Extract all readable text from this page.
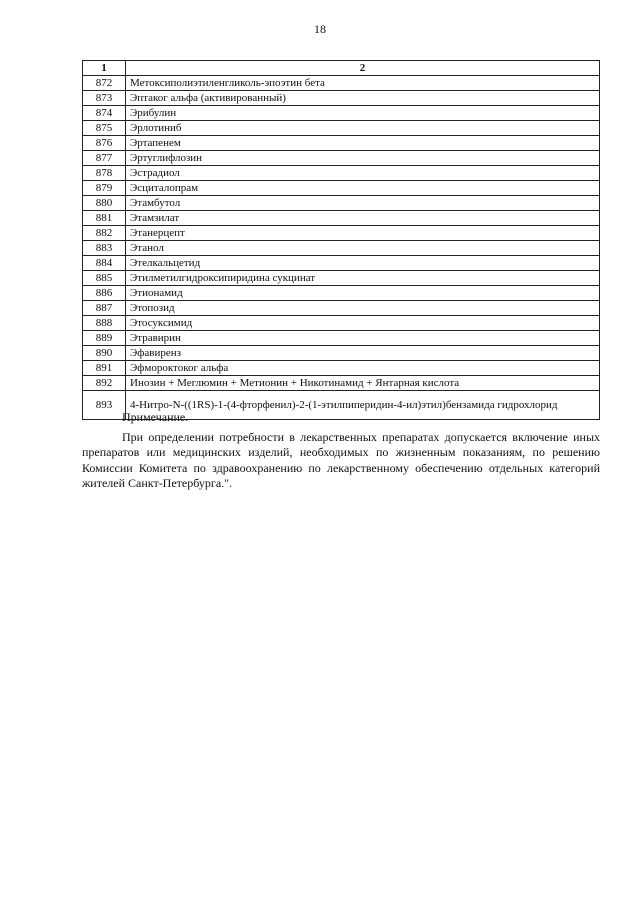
18
1	2
872	Метоксиполиэтиленгликоль-эпоэтин бета
873	Эптаког альфа (активированный)
874	Эрибулин
875	Эрлотиниб
876	Эртапенем
877	Эртуглифлозин
878	Эстрадиол
879	Эсциталопрам
880	Этамбутол
881	Этамзилат
882	Этанерцепт
883	Этанол
884	Этелкальцетид
885	Этилметилгидроксипиридина сукцинат
886	Этионамид
887	Этопозид
888	Этосуксимид
889	Этравирин
890	Эфавиренз
891	Эфмороктоког альфа
892	Инозин + Меглюмин + Метионин + Никотинамид + Янтарная кислота
893	4-Нитро-N-((1RS)-1-(4-фторфенил)-2-(1-этилпиперидин-4-ил)этил)бензамида гидрохлорид

Примечание.

При определении потребности в лекарственных препаратах допускается включение иных препаратов или медицинских изделий, необходимых по жизненным показаниям, по решению Комиссии Комитета по здравоохранению по лекарственному обеспечению отдельных категорий жителей Санкт-Петербурга.".
